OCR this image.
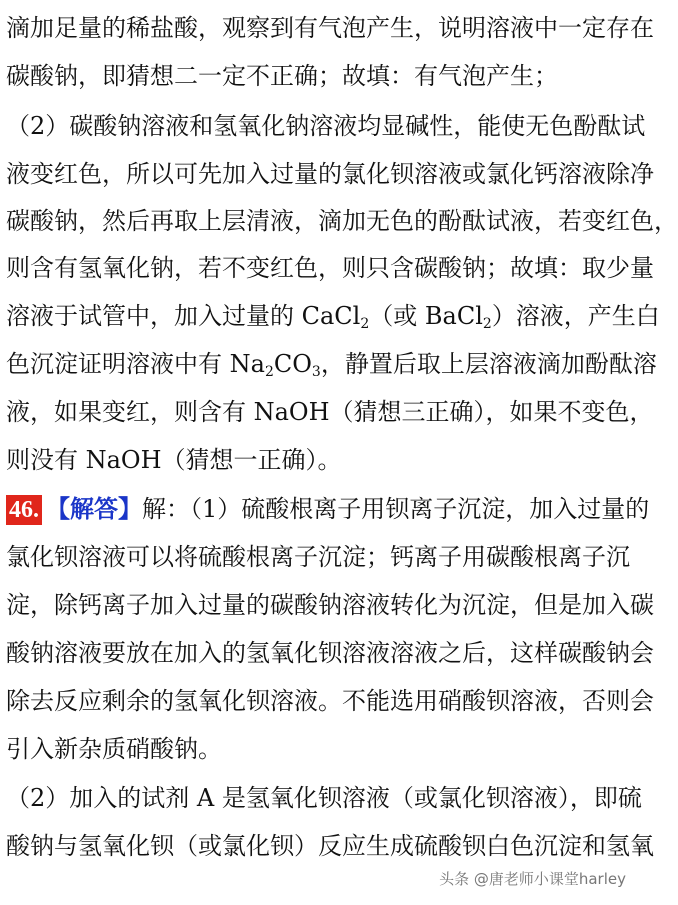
滴加足量的稀盐酸，观察到有气泡产生，说明溶液中一定存在
碳酸钠，即猜想二一定不正确；故填：有气泡产生；
（2）碳酸钠溶液和氢氧化钠溶液均显碱性，能使无色酚酞试
液变红色，所以可先加入过量的氯化钡溶液或氯化钙溶液除净
碳酸钠，然后再取上层清液，滴加无色的酚酞试液，若变红色，
则含有氢氧化钠，若不变红色，则只含碳酸钠；故填：取少量
溶液于试管中，加入过量的 CaCl$_2$（或 BaCl$_2$）溶液，产生白
色沉淀证明溶液中有 $Na_2CO_3$，静置后取上层溶液滴加酚酞溶
液，如果变红，则含有 NaOH（猜想三正确），如果不变色，
则没有 NaOH（猜想一正确）。
46. 【解答】解：（1）硫酸根离子用钡离子沉淀，加入过量的
氯化钡溶液可以将硫酸根离子沉淀；钙离子用碳酸根离子沉
淀，除钙离子加入过量的碳酸钠溶液转化为沉淀，但是加入碳
酸钠溶液要放在加入的氢氧化钡溶液溶液之后，这样碳酸钠会
除去反应剩余的氢氧化钡溶液。不能选用硝酸钡溶液，否则会
引入新杂质硝酸钠。
（2）加入的试剂 A 是氢氧化钡溶液（或氯化钡溶液），即硫
酸钠与氢氧化钡（或氯化钡）反应生成硫酸钡白色沉淀和氢氧
头条 @唐老师小课堂harley
